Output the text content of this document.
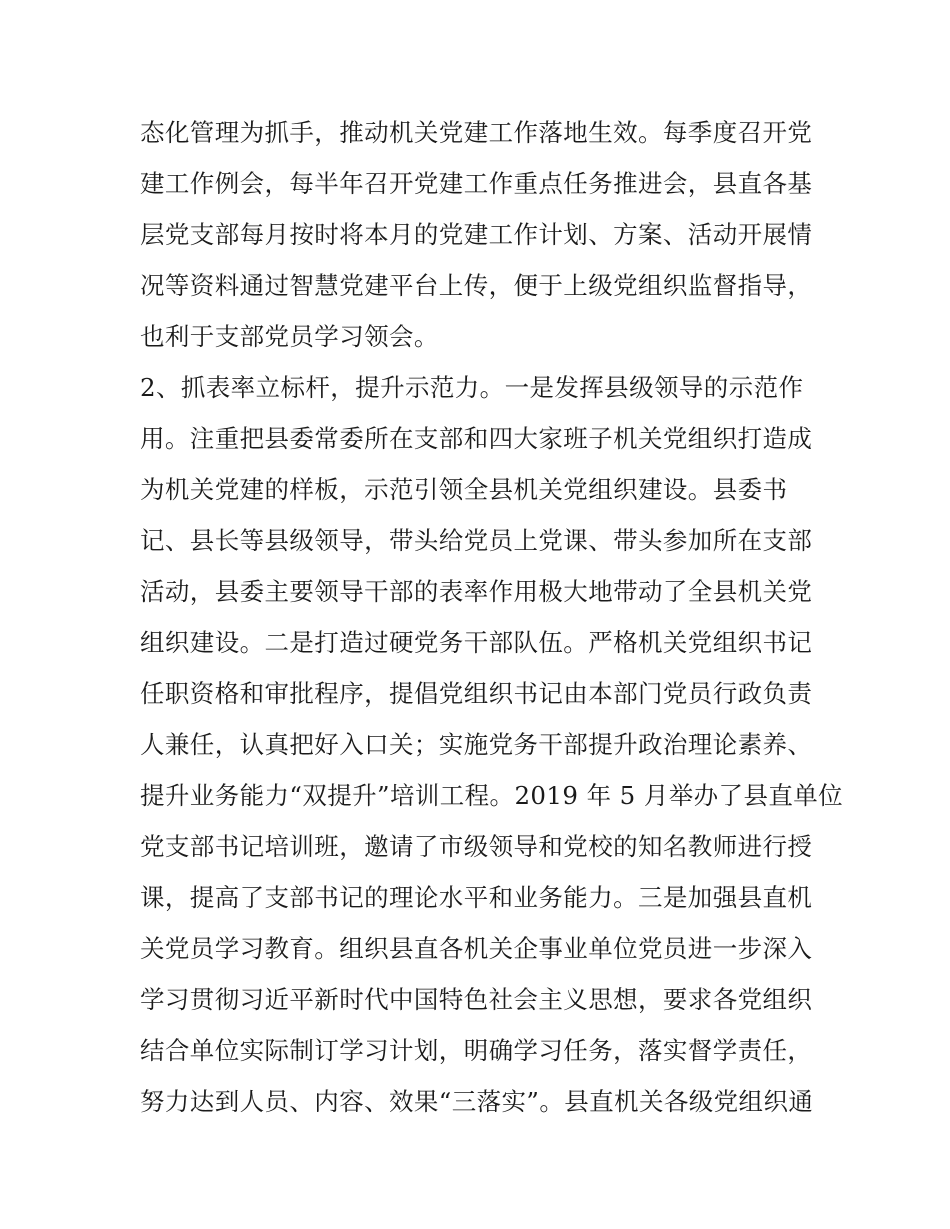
态化管理为抓手，推动机关党建工作落地生效。每季度召开党
建工作例会，每半年召开党建工作重点任务推进会，县直各基
层党支部每月按时将本月的党建工作计划、方案、活动开展情
况等资料通过智慧党建平台上传，便于上级党组织监督指导，
也利于支部党员学习领会。
2、抓表率立标杆，提升示范力。一是发挥县级领导的示范作
用。注重把县委常委所在支部和四大家班子机关党组织打造成
为机关党建的样板，示范引领全县机关党组织建设。县委书
记、县长等县级领导，带头给党员上党课、带头参加所在支部
活动，县委主要领导干部的表率作用极大地带动了全县机关党
组织建设。二是打造过硬党务干部队伍。严格机关党组织书记
任职资格和审批程序，提倡党组织书记由本部门党员行政负责
人兼任，认真把好入口关；实施党务干部提升政治理论素养、
提升业务能力“双提升”培训工程。2019 年 5 月举办了县直单位
党支部书记培训班，邀请了市级领导和党校的知名教师进行授
课，提高了支部书记的理论水平和业务能力。三是加强县直机
关党员学习教育。组织县直各机关企事业单位党员进一步深入
学习贯彻习近平新时代中国特色社会主义思想，要求各党组织
结合单位实际制订学习计划，明确学习任务，落实督学责任，
努力达到人员、内容、效果“三落实”。县直机关各级党组织通
